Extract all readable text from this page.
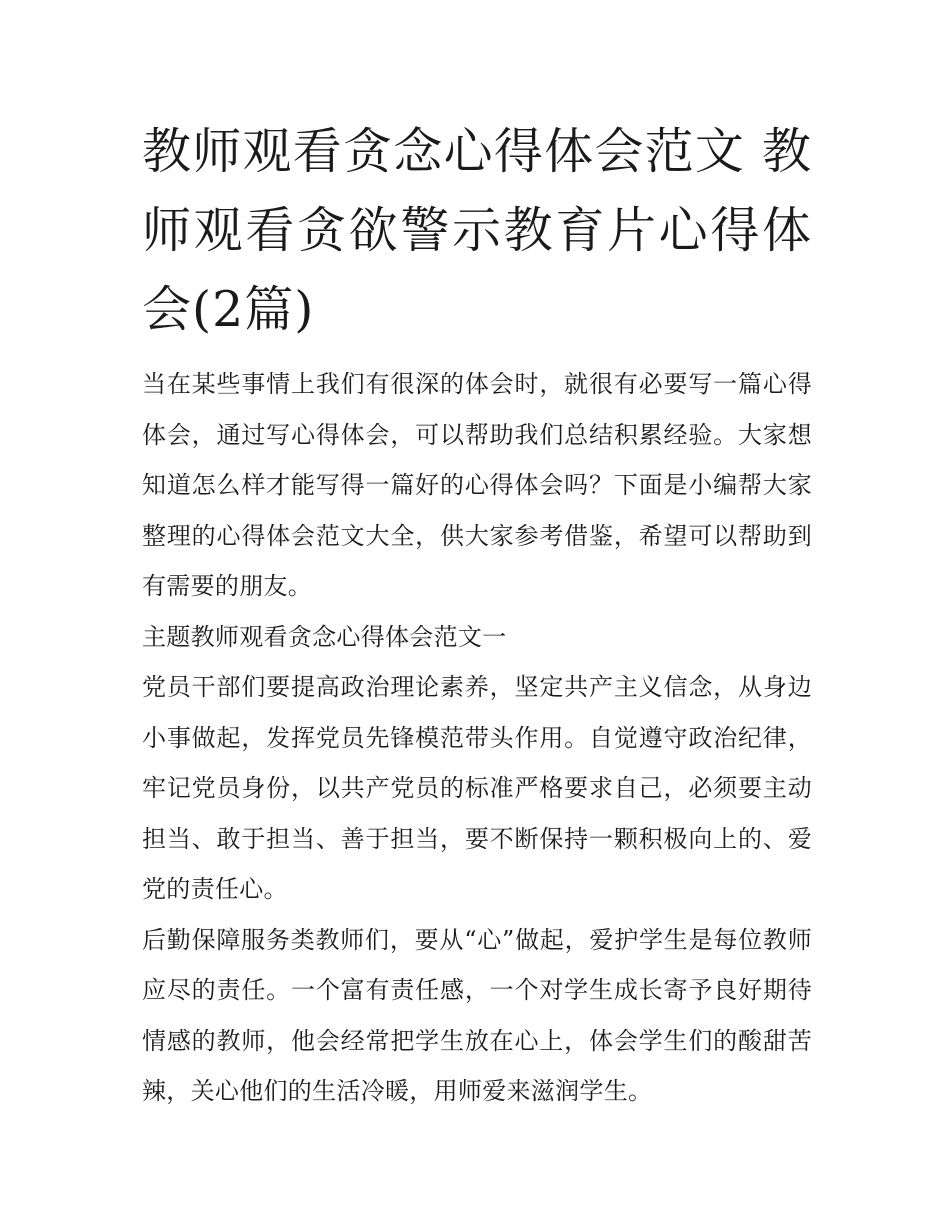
教师观看贪念心得体会范文 教师观看贪欲警示教育片心得体会(2篇)

当在某些事情上我们有很深的体会时，就很有必要写一篇心得体会，通过写心得体会，可以帮助我们总结积累经验。大家想知道怎么样才能写得一篇好的心得体会吗？下面是小编帮大家整理的心得体会范文大全，供大家参考借鉴，希望可以帮助到有需要的朋友。

主题教师观看贪念心得体会范文一

党员干部们要提高政治理论素养，坚定共产主义信念，从身边小事做起，发挥党员先锋模范带头作用。自觉遵守政治纪律，牢记党员身份，以共产党员的标准严格要求自己，必须要主动担当、敢于担当、善于担当，要不断保持一颗积极向上的、爱党的责任心。

后勤保障服务类教师们，要从“心”做起，爱护学生是每位教师应尽的责任。一个富有责任感，一个对学生成长寄予良好期待情感的教师，他会经常把学生放在心上，体会学生们的酸甜苦辣，关心他们的生活冷暖，用师爱来滋润学生。
